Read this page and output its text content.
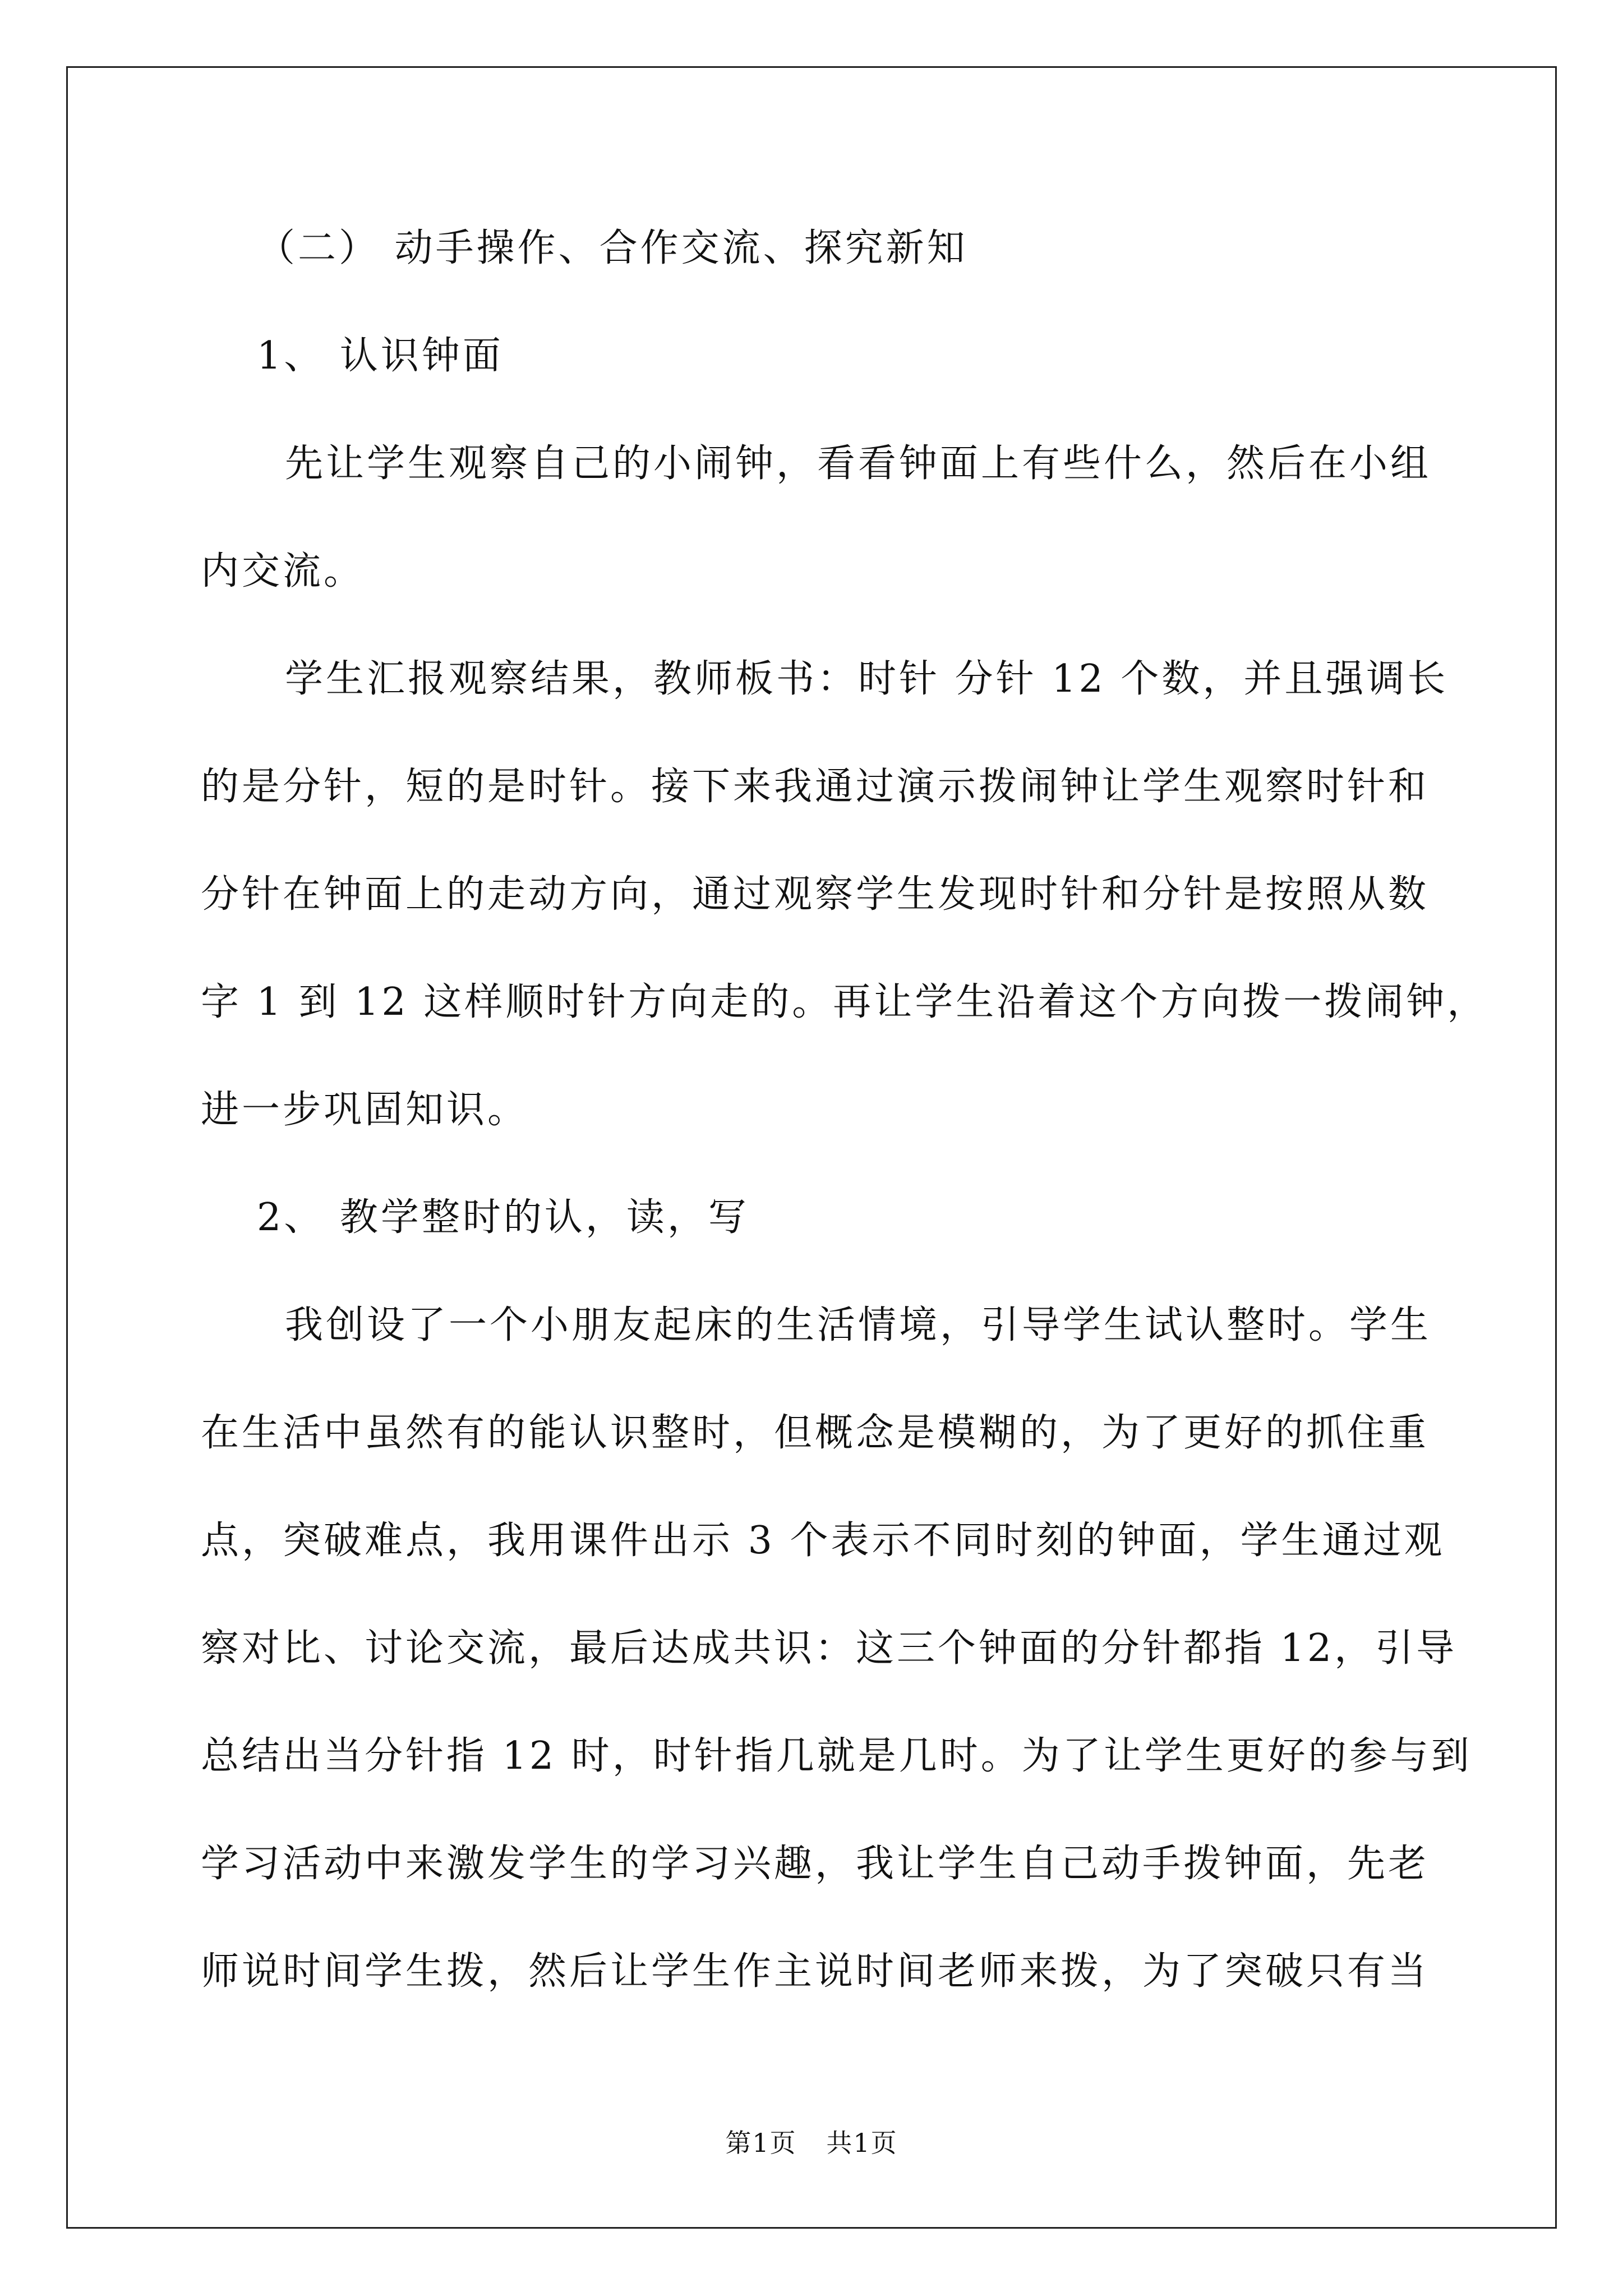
（二） 动手操作、合作交流、探究新知
1、 认识钟面
先让学生观察自己的小闹钟，看看钟面上有些什么，然后在小组
内交流。
学生汇报观察结果，教师板书：时针 分针 12 个数，并且强调长
的是分针，短的是时针。接下来我通过演示拨闹钟让学生观察时针和
分针在钟面上的走动方向，通过观察学生发现时针和分针是按照从数
字 1 到 12 这样顺时针方向走的。再让学生沿着这个方向拨一拨闹钟，
进一步巩固知识。
2、 教学整时的认，读，写
我创设了一个小朋友起床的生活情境，引导学生试认整时。学生
在生活中虽然有的能认识整时，但概念是模糊的，为了更好的抓住重
点，突破难点，我用课件出示 3 个表示不同时刻的钟面，学生通过观
察对比、讨论交流，最后达成共识：这三个钟面的分针都指 12，引导
总结出当分针指 12 时，时针指几就是几时。为了让学生更好的参与到
学习活动中来激发学生的学习兴趣，我让学生自己动手拨钟面，先老
师说时间学生拨，然后让学生作主说时间老师来拨，为了突破只有当
第1页 共1页
